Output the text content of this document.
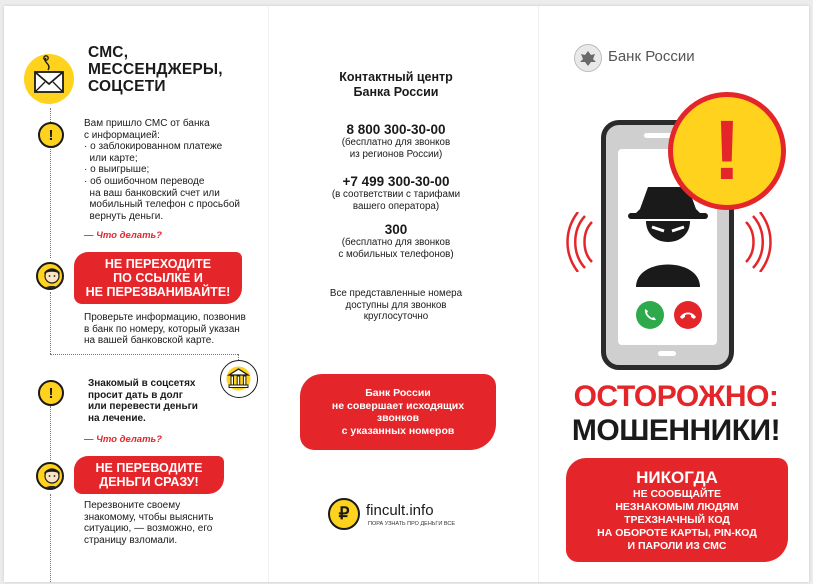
СМС,
МЕССЕНДЖЕРЫ,
СОЦСЕТИ
!
Вам пришло СМС от банка
с информацией:
· о заблокированном платеже
или карте;
· о выигрыше;
· об ошибочном переводе
на ваш банковский счет или
мобильный телефон с просьбой
вернуть деньги.
— Что делать?
НЕ ПЕРЕХОДИТЕ
ПО ССЫЛКЕ И
НЕ ПЕРЕЗВАНИВАЙТЕ!
Проверьте информацию, позвонив
в банк по номеру, который указан
на вашей банковской карте.
!
Знакомый в соцсетях
просит дать в долг
или перевести деньги
на лечение.
— Что делать?
НЕ ПЕРЕВОДИТЕ
ДЕНЬГИ СРАЗУ!
Перезвоните своему
знакомому, чтобы выяснить
ситуацию, — возможно, его
страницу взломали.
Контактный центр
Банка России
8 800 300-30-00
(бесплатно для звонков
из регионов России)
+7 499 300-30-00
(в соответствии с тарифами
вашего оператора)
300
(бесплатно для звонков
с мобильных телефонов)
Все представленные номера
доступны для звонков
круглосуточно
Банк России
не совершает исходящих
звонков
с указанных номеров
₽	fincult.info
ПОРА УЗНАТЬ ПРО ДЕНЬГИ ВСЕ
Банк России
!
ОСТОРОЖНО:
МОШЕННИКИ!
НИКОГДА
НЕ СООБЩАЙТЕ
НЕЗНАКОМЫМ ЛЮДЯМ
ТРЕХЗНАЧНЫЙ КОД
НА ОБОРОТЕ КАРТЫ, PIN-КОД
И ПАРОЛИ ИЗ СМС
